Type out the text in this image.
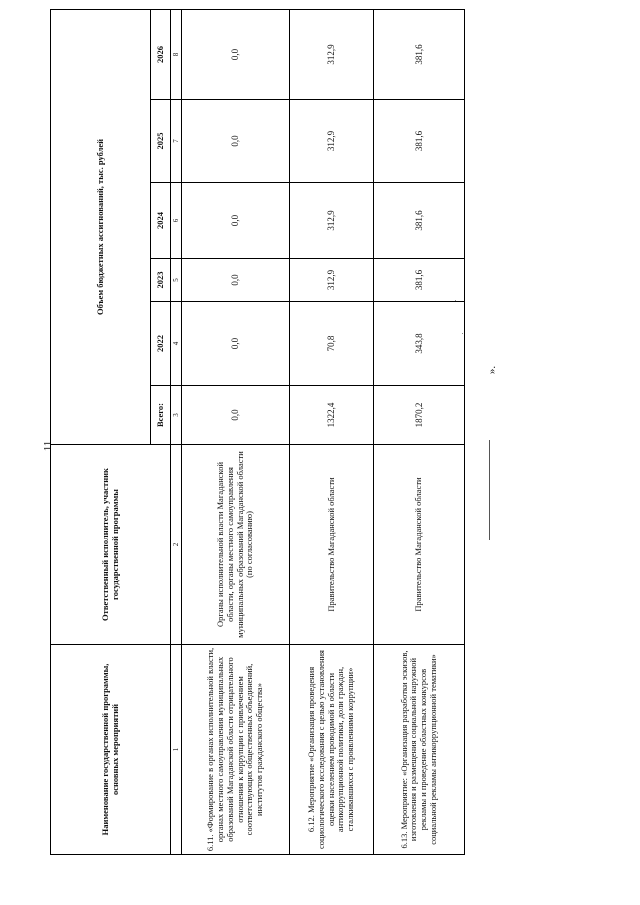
11
Наименование государственной программы, основных мероприятий	Ответственный исполнитель, участник государственной программы	Объем бюджетных ассигнований, тыс. рублей					
		Всего:	2022	2023	2024	2025	2026
1	2	3	4	5	6	7	8
6.11. «Формирование в органах исполнительной власти, органах местного самоуправления муниципальных образований Магаданской области отрицательного отношения к коррупции с привлечением соответствующих общественных объединений, институтов гражданского общества»	Органы исполнительной власти Магаданской области, органы местного самоуправления муниципальных образований Магаданской области (по согласованию)	0,0	0,0	0,0	0,0	0,0	0,0
6.12. Мероприятие «Организация проведения социологического исследования с целью установления оценки населением проводимой в области антикоррупционной политики, доли граждан, сталкивавшихся с проявлениями коррупции»	Правительство Магаданской области	1322,4	70,8	312,9	312,9	312,9	312,9
6.13. Мероприятие: «Организация разработки эскизов, изготовления и размещения социальной наружной рекламы и проведение областных конкурсов социальной рекламы антикоррупционной тематики»	Правительство Магаданской области	1870,2	343,8	381,6	381,6	381,6	381,6
».
